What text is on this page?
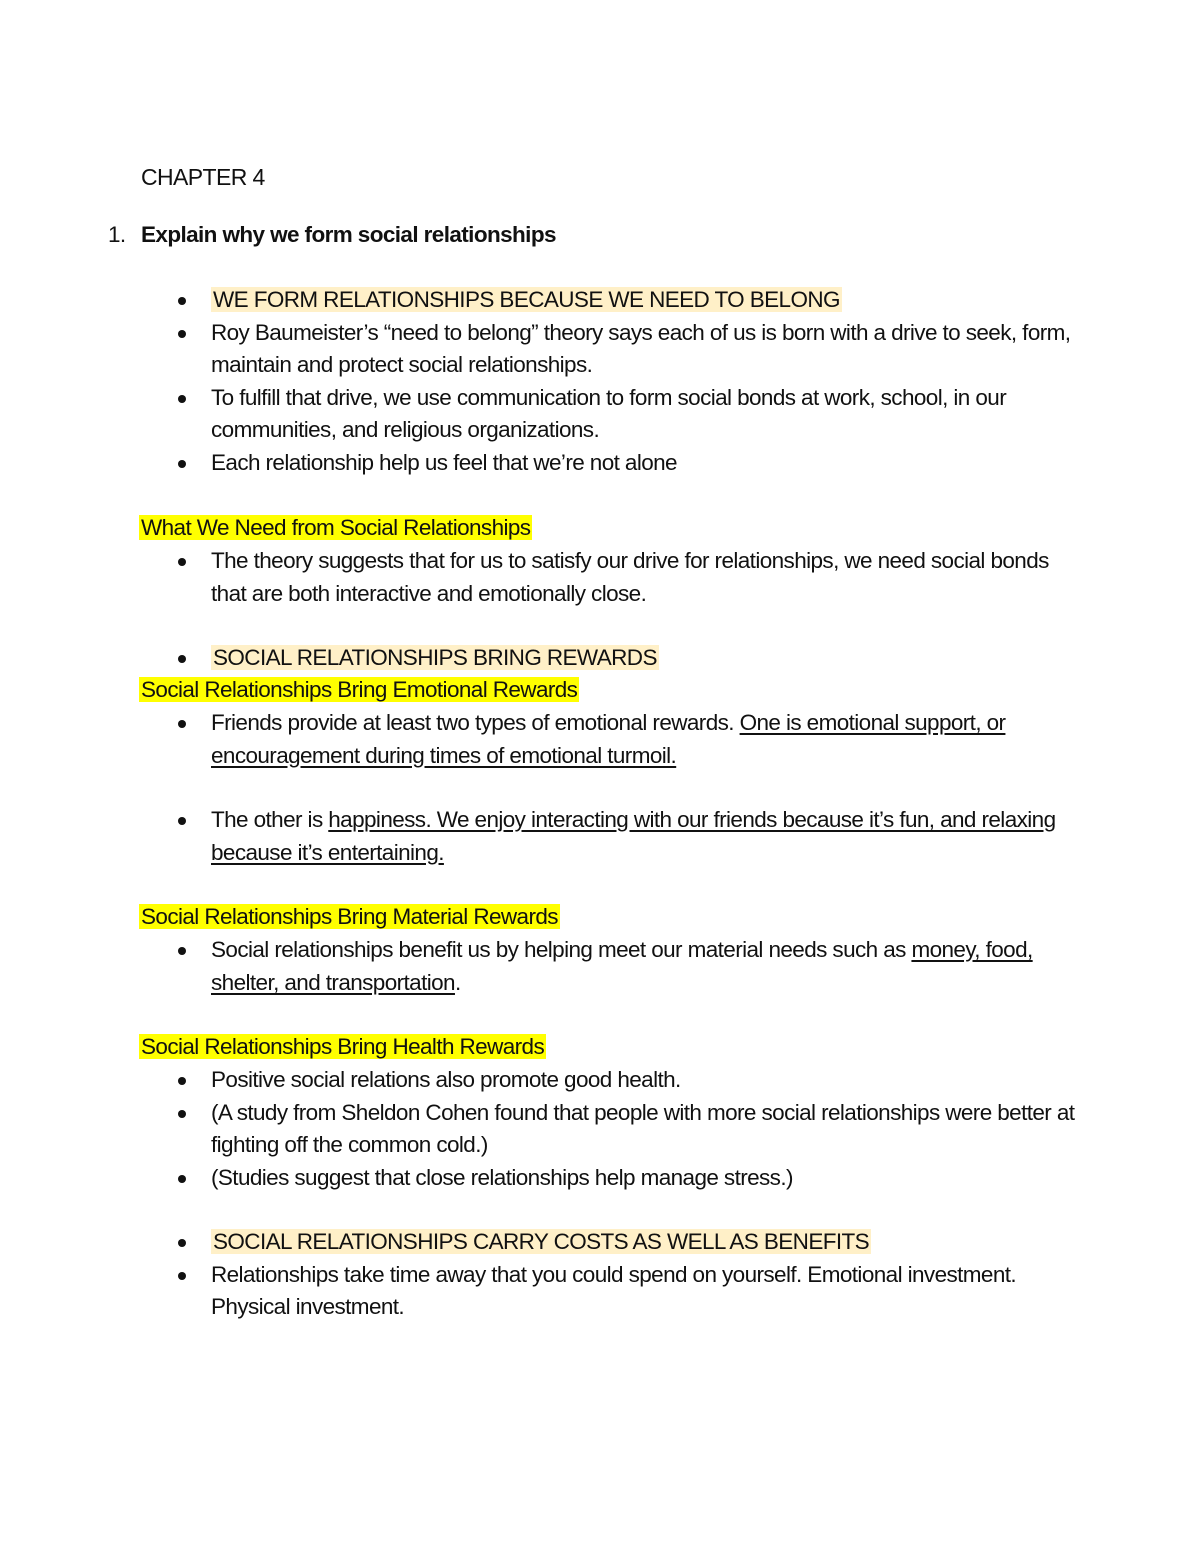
CHAPTER 4

1. Explain why we form social relationships

WE FORM RELATIONSHIPS BECAUSE WE NEED TO BELONG
Roy Baumeister’s “need to belong” theory says each of us is born with a drive to seek, form, maintain and protect social relationships.
To fulfill that drive, we use communication to form social bonds at work, school, in our communities, and religious organizations.
Each relationship help us feel that we’re not alone

What We Need from Social Relationships

The theory suggests that for us to satisfy our drive for relationships, we need social bonds that are both interactive and emotionally close.
SOCIAL RELATIONSHIPS BRING REWARDS

Social Relationships Bring Emotional Rewards

Friends provide at least two types of emotional rewards. One is emotional support, or encouragement during times of emotional turmoil.
The other is happiness. We enjoy interacting with our friends because it’s fun, and relaxing because it’s entertaining.

Social Relationships Bring Material Rewards

Social relationships benefit us by helping meet our material needs such as money, food, shelter, and transportation.

Social Relationships Bring Health Rewards

Positive social relations also promote good health.
(A study from Sheldon Cohen found that people with more social relationships were better at fighting off the common cold.)
(Studies suggest that close relationships help manage stress.)
SOCIAL RELATIONSHIPS CARRY COSTS AS WELL AS BENEFITS
Relationships take time away that you could spend on yourself. Emotional investment. Physical investment.
